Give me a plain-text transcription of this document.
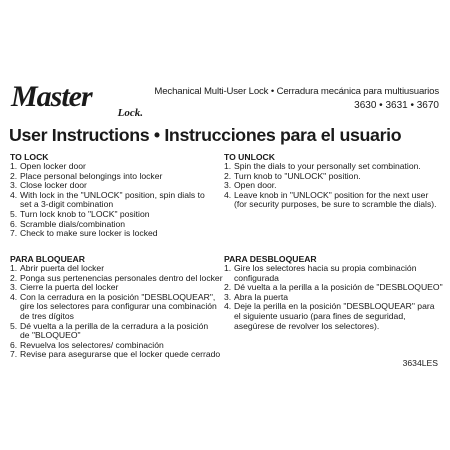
Master Lock.
Mechanical Multi-User Lock • Cerradura mecánica para multiusuarios
3630 • 3631 • 3670
User Instructions • Instrucciones para el usuario
TO LOCK
1. Open locker door
2. Place personal belongings into locker
3. Close locker door
4. With lock in the "UNLOCK" position, spin dials to
set a 3-digit combination
5. Turn lock knob to "LOCK" position
6. Scramble dials/combination
7. Check to make sure locker is locked
TO UNLOCK
1. Spin the dials to your personally set combination.
2. Turn knob to "UNLOCK" position.
3. Open door.
4. Leave knob in "UNLOCK" position for the next user
(for security purposes, be sure to scramble the dials).
PARA BLOQUEAR
1. Abrir puerta del locker
2. Ponga sus pertenencias personales dentro del locker
3. Cierre la puerta del locker
4. Con la cerradura en la posición "DESBLOQUEAR",
gire los selectores para configurar una combinación
de tres dígitos
5. Dé vuelta a la perilla de la cerradura a la posición
de "BLOQUEO"
6. Revuelva los selectores/ combinación
7. Revise para asegurarse que el locker quede cerrado
PARA DESBLOQUEAR
1. Gire los selectores hacia su propia combinación
configurada
2. Dé vuelta a la perilla a la posición de "DESBLOQUEO"
3. Abra la puerta
4. Deje la perilla en la posición "DESBLOQUEAR" para
el siguiente usuario (para fines de seguridad,
asegúrese de revolver los selectores).
3634LES
